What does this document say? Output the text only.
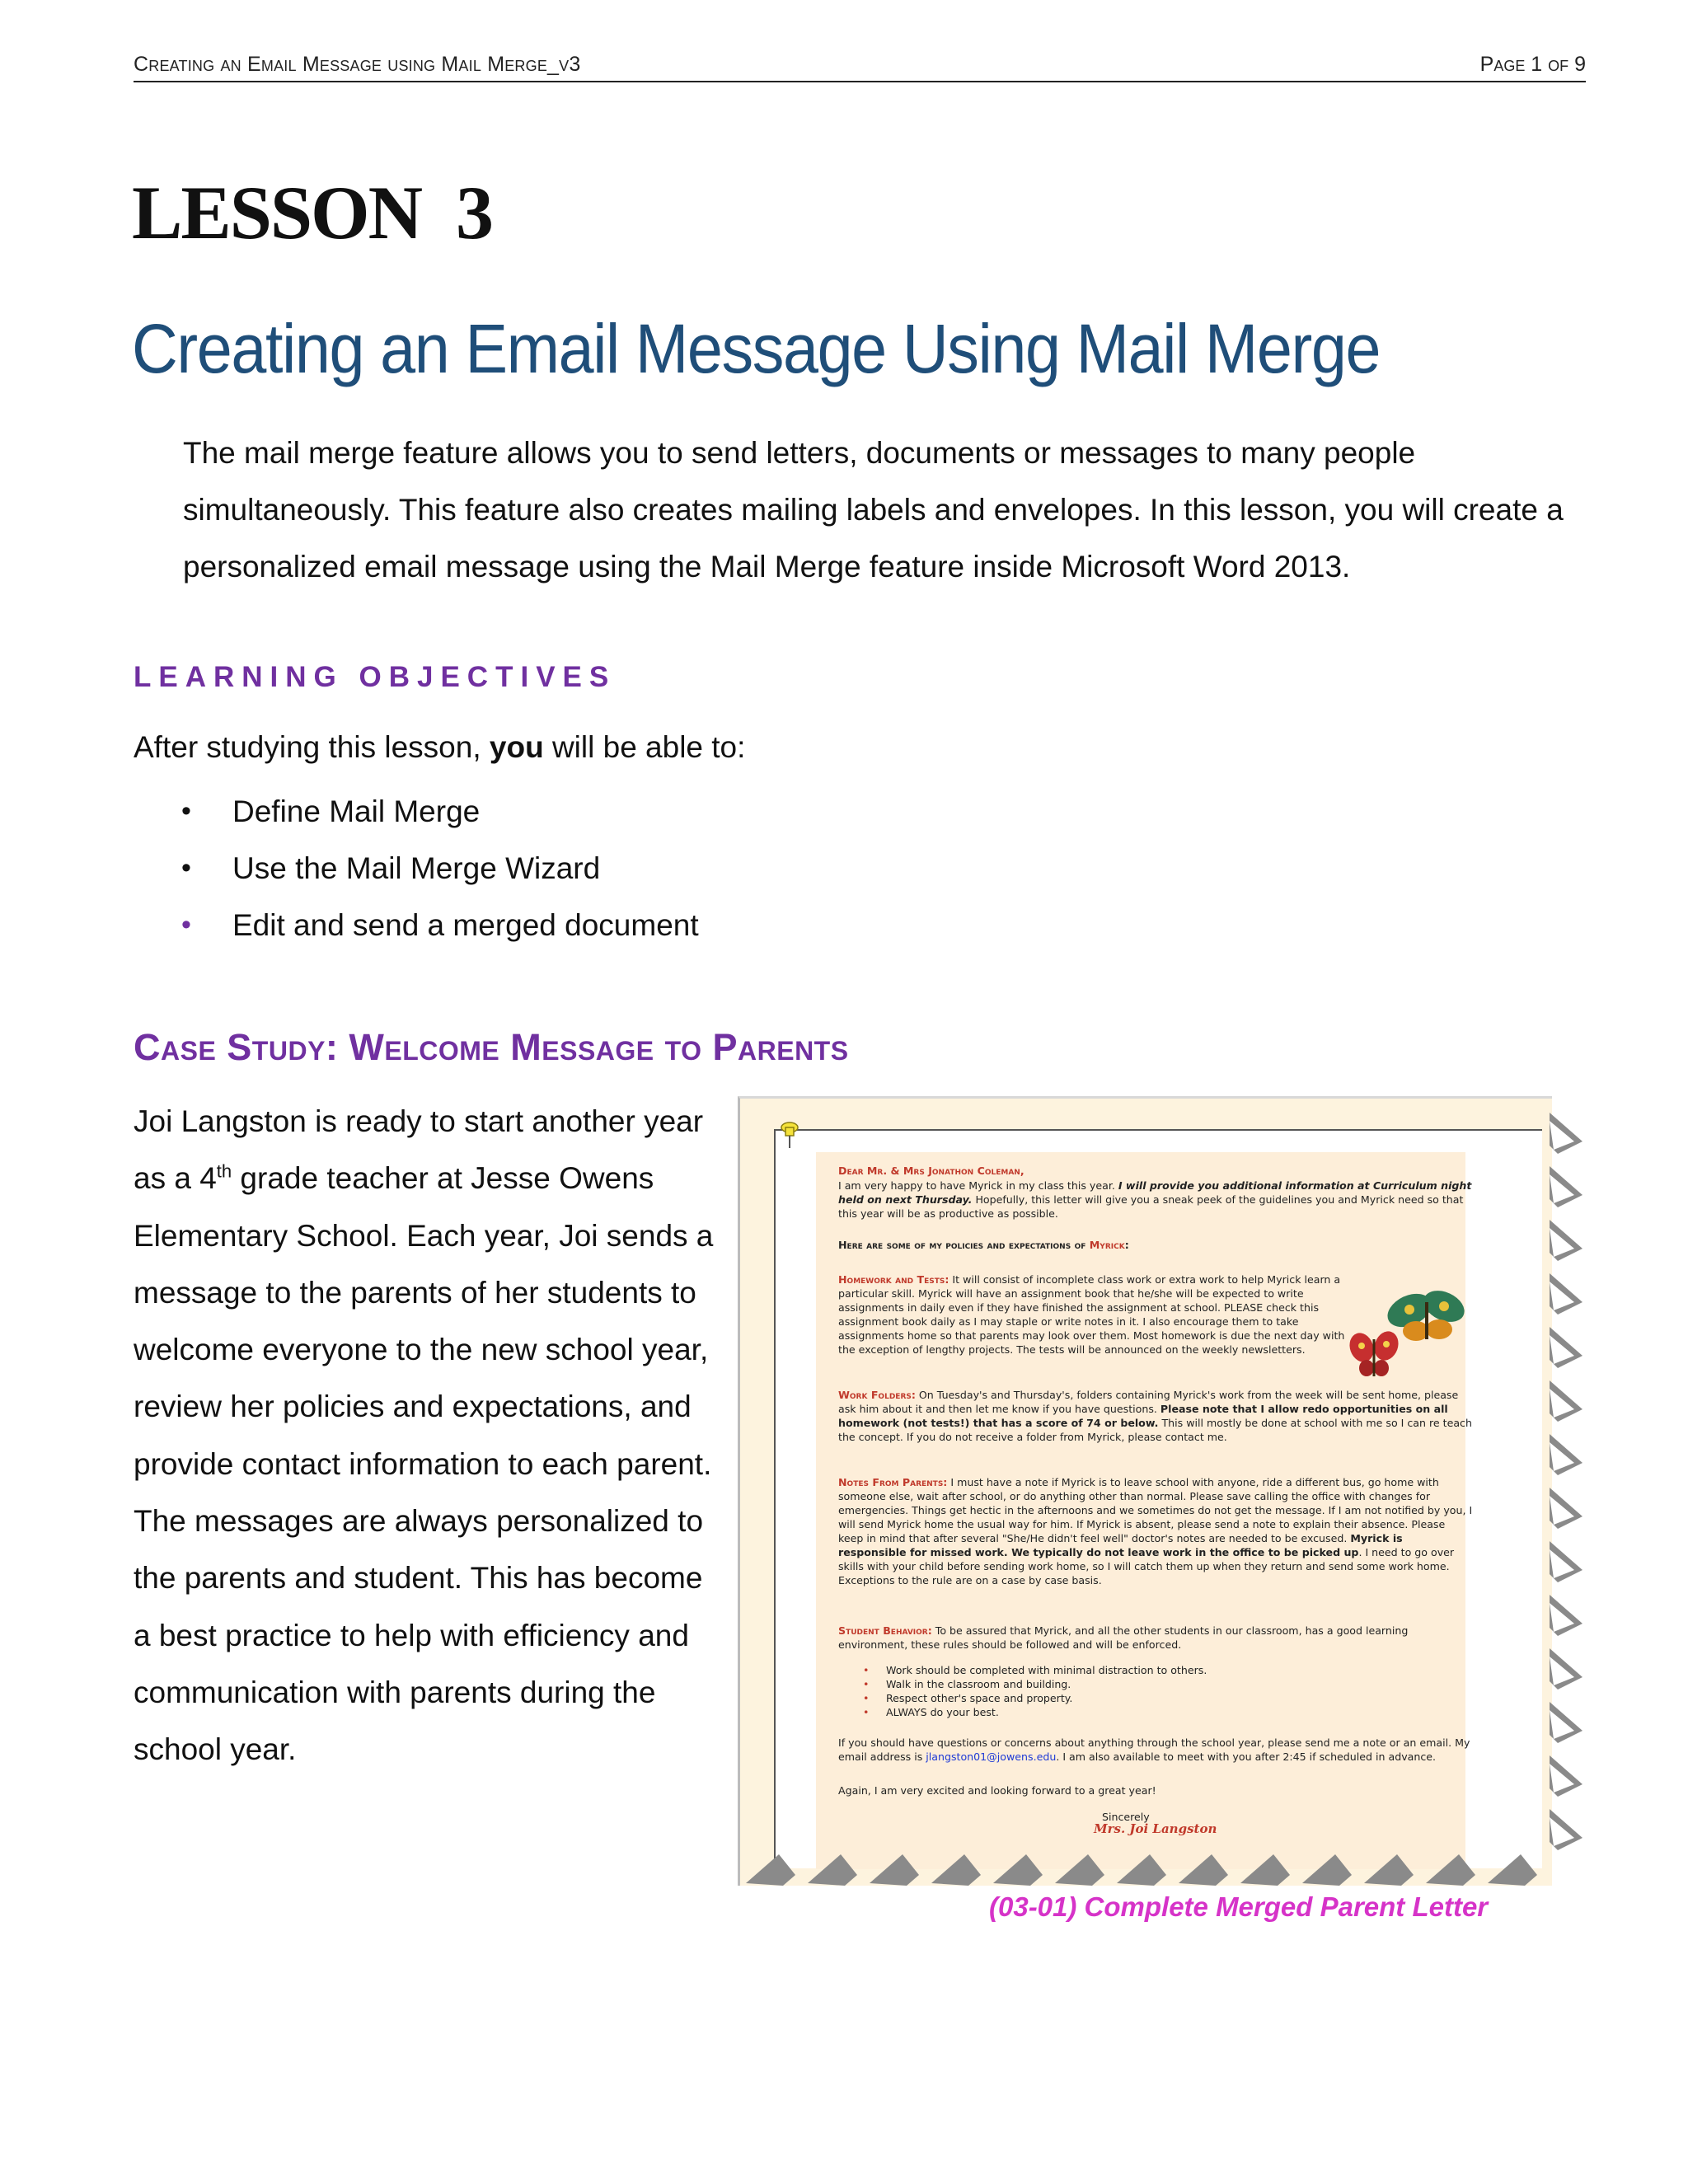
Creating an Email Message using Mail Merge_v3	Page 1 of 9
LESSON  3
Creating an Email Message Using Mail Merge
The mail merge feature allows you to send letters, documents or messages to many people simultaneously. This feature also creates mailing labels and envelopes. In this lesson, you will create a personalized email message using the Mail Merge feature inside Microsoft Word 2013.
LEARNING OBJECTIVES
After studying this lesson, you will be able to:
• Define Mail Merge
• Use the Mail Merge Wizard
• Edit and send a merged document
Case Study: Welcome Message to Parents
Joi Langston is ready to start another year as a 4th grade teacher at Jesse Owens Elementary School. Each year, Joi sends a message to the parents of her students to welcome everyone to the new school year, review her policies and expectations, and provide contact information to each parent. The messages are always personalized to the parents and student. This has become a best practice to help with efficiency and communication with parents during the school year.
Dear Mr. & Mrs Jonathon Coleman,
I am very happy to have Myrick in my class this year. I will provide you additional information at Curriculum night held on next Thursday. Hopefully, this letter will give you a sneak peek of the guidelines you and Myrick need so that this year will be as productive as possible.
Here are some of my policies and expectations of Myrick:
Homework and Tests: It will consist of incomplete class work or extra work to help Myrick learn a particular skill. Myrick will have an assignment book that he/she will be expected to write assignments in daily even if they have finished the assignment at school. PLEASE check this assignment book daily as I may staple or write notes in it. I also encourage them to take assignments home so that parents may look over them. Most homework is due the next day with the exception of lengthy projects. The tests will be announced on the weekly newsletters.
Work Folders: On Tuesday's and Thursday's, folders containing Myrick's work from the week will be sent home, please ask him about it and then let me know if you have questions. Please note that I allow redo opportunities on all homework (not tests!) that has a score of 74 or below. This will mostly be done at school with me so I can re teach the concept. If you do not receive a folder from Myrick, please contact me.
Notes From Parents: I must have a note if Myrick is to leave school with anyone, ride a different bus, go home with someone else, wait after school, or do anything other than normal. Please save calling the office with changes for emergencies. Things get hectic in the afternoons and we sometimes do not get the message. If I am not notified by you, I will send Myrick home the usual way for him. If Myrick is absent, please send a note to explain their absence. Please keep in mind that after several "She/He didn't feel well" doctor's notes are needed to be excused. Myrick is responsible for missed work. We typically do not leave work in the office to be picked up. I need to go over skills with your child before sending work home, so I will catch them up when they return and send some work home. Exceptions to the rule are on a case by case basis.
Student Behavior: To be assured that Myrick, and all the other students in our classroom, has a good learning environment, these rules should be followed and will be enforced.
• Work should be completed with minimal distraction to others.
• Walk in the classroom and building.
• Respect other's space and property.
• ALWAYS do your best.
If you should have questions or concerns about anything through the school year, please send me a note or an email. My email address is jlangston01@jowens.edu. I am also available to meet with you after 2:45 if scheduled in advance.
Again, I am very excited and looking forward to a great year!
Sincerely
Mrs. Joi Langston
(03-01) Complete Merged Parent Letter
